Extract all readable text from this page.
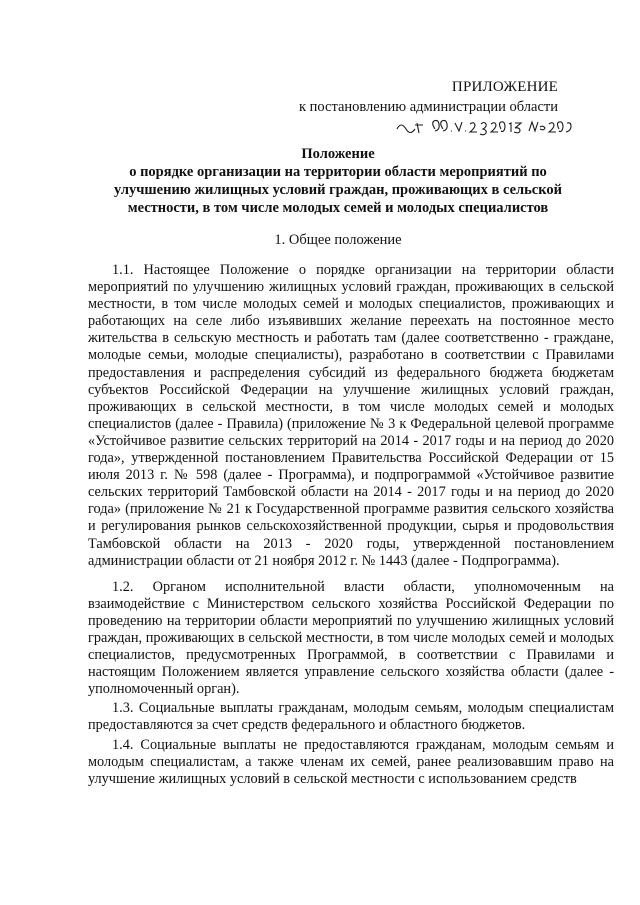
ПРИЛОЖЕНИЕ
к постановлению администрации области
Положение
о порядке организации на территории области мероприятий по
улучшению жилищных условий граждан, проживающих в сельской
местности, в том числе молодых семей и молодых специалистов
1. Общее положение

1.1. Настоящее Положение о порядке организации на территории области мероприятий по улучшению жилищных условий граждан, проживающих в сельской местности, в том числе молодых семей и молодых специалистов, проживающих и работающих на селе либо изъявивших желание переехать на постоянное место жительства в сельскую местность и работать там (далее соответственно - граждане, молодые семьи, молодые специалисты), разработано в соответствии с Правилами предоставления и распределения субсидий из федерального бюджета бюджетам субъектов Российской Федерации на улучшение жилищных условий граждан, проживающих в сельской местности, в том числе молодых семей и молодых специалистов (далее - Правила) (приложение № 3 к Федеральной целевой программе «Устойчивое развитие сельских территорий на 2014 - 2017 годы и на период до 2020 года», утвержденной постановлением Правительства Российской Федерации от 15 июля 2013 г. № 598 (далее - Программа), и подпрограммой «Устойчивое развитие сельских территорий Тамбовской области на 2014 - 2017 годы и на период до 2020 года» (приложение № 21 к Государственной программе развития сельского хозяйства и регулирования рынков сельскохозяйственной продукции, сырья и продовольствия Тамбовской области на 2013 - 2020 годы, утвержденной постановлением администрации области от 21 ноября 2012 г. № 1443 (далее - Подпрограмма).

1.2. Органом исполнительной власти области, уполномоченным на взаимодействие с Министерством сельского хозяйства Российской Федерации по проведению на территории области мероприятий по улучшению жилищных условий граждан, проживающих в сельской местности, в том числе молодых семей и молодых специалистов, предусмотренных Программой, в соответствии с Правилами и настоящим Положением является управление сельского хозяйства области (далее - уполномоченный орган).

1.3. Социальные выплаты гражданам, молодым семьям, молодым специалистам предоставляются за счет средств федерального и областного бюджетов.

1.4. Социальные выплаты не предоставляются гражданам, молодым семьям и молодым специалистам, а также членам их семей, ранее реализовавшим право на улучшение жилищных условий в сельской местности с использованием средств
